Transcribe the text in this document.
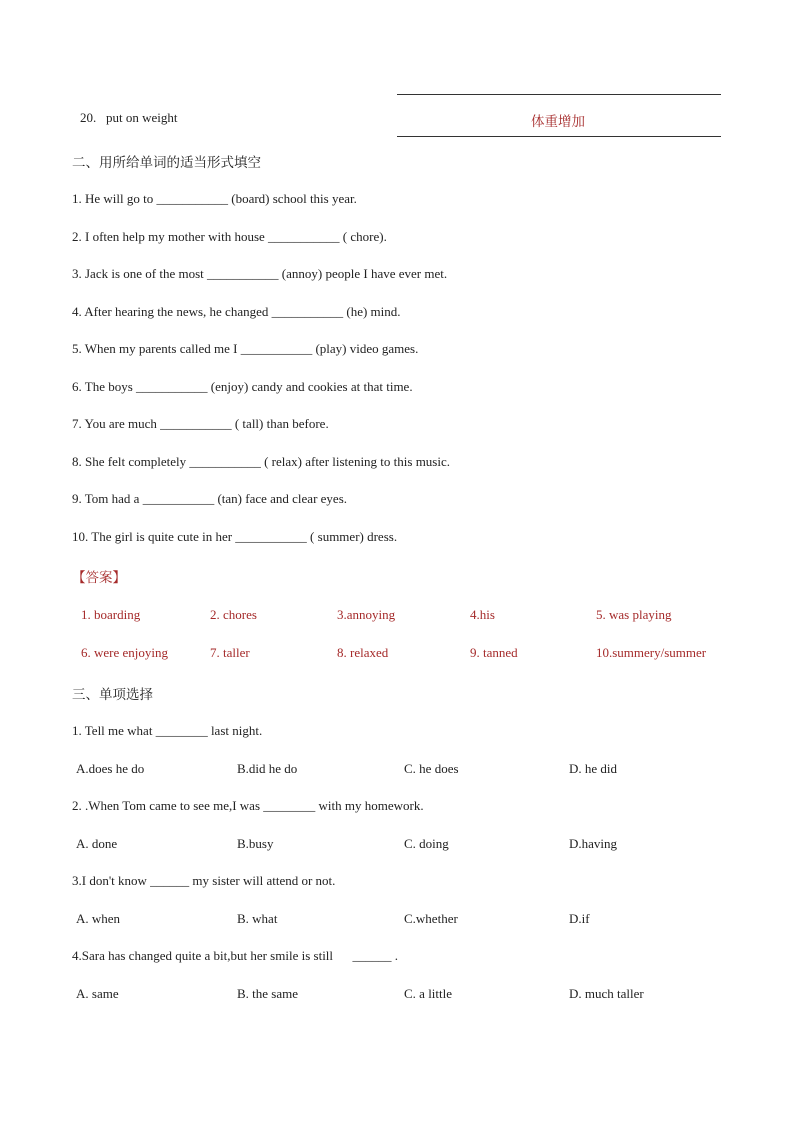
20. put on weight	体重增加
二、用所给单词的适当形式填空
1. He will go to ___________ (board) school this year.
2. I often help my mother with house ___________ ( chore).
3. Jack is one of the most ___________ (annoy) people I have ever met.
4. After hearing the news, he changed ___________ (he) mind.
5. When my parents called me I ___________ (play) video games.
6. The boys ___________ (enjoy) candy and cookies at that time.
7. You are much ___________ ( tall) than before.
8. She felt completely ___________ ( relax) after listening to this music.
9. Tom had a ___________ (tan) face and clear eyes.
10. The girl is quite cute in her ___________ ( summer) dress.
【答案】
1. boarding	2. chores	3.annoying	4.his	5. was playing
6. were enjoying	7. taller	8. relaxed	9. tanned	10.summery/summer
三、单项选择
1. Tell me what ________ last night.
A.does he do	B.did he do	C. he does	D. he did
2. .When Tom came to see me,I was ________ with my homework.
A. done	B.busy	C. doing	D.having
3.I don't know ______ my sister will attend or not.
A. when	B. what	C.whether	D.if
4.Sara has changed quite a bit,but her smile is still      ______ .
A. same	B. the same	C. a little	D. much taller
